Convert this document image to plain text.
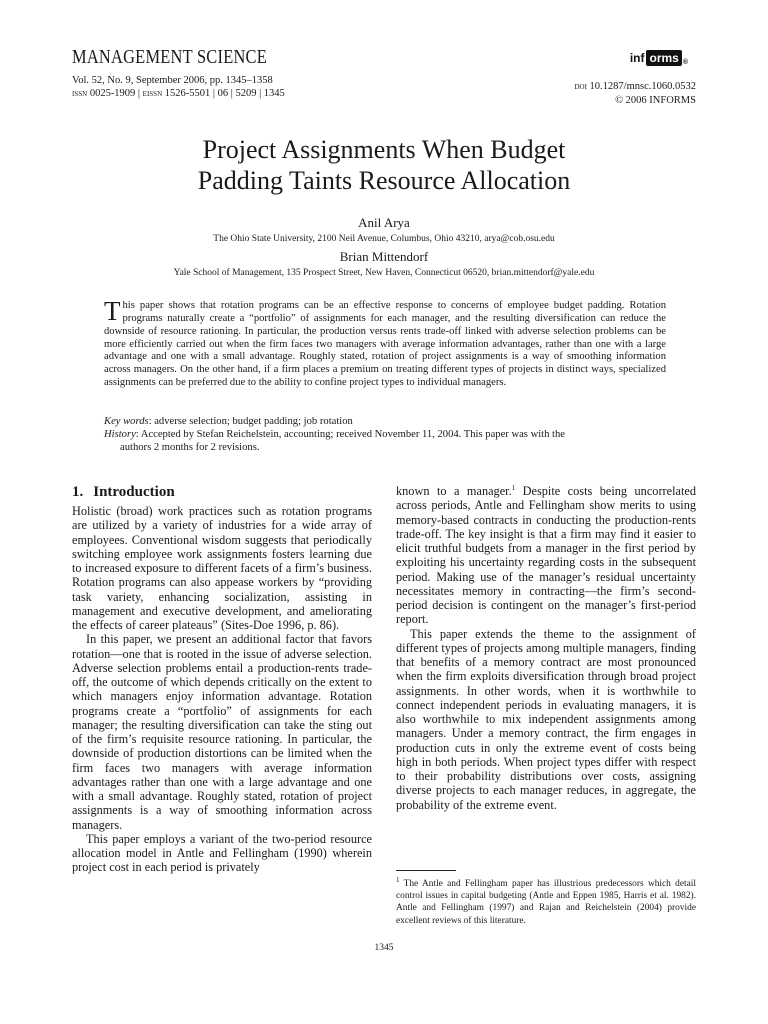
MANAGEMENT SCIENCE	inf orms ®
Vol. 52, No. 9, September 2006, pp. 1345–1358
issn 0025-1909 | eissn 1526-5501 | 06 | 5209 | 1345
doi 10.1287/mnsc.1060.0532
© 2006 INFORMS
Project Assignments When Budget
Padding Taints Resource Allocation
Anil Arya
The Ohio State University, 2100 Neil Avenue, Columbus, Ohio 43210, arya@cob.osu.edu
Brian Mittendorf
Yale School of Management, 135 Prospect Street, New Haven, Connecticut 06520, brian.mittendorf@yale.edu
This paper shows that rotation programs can be an effective response to concerns of employee budget padding. Rotation programs naturally create a “portfolio” of assignments for each manager, and the resulting diversification can reduce the downside of resource rationing. In particular, the production versus rents trade-off linked with adverse selection problems can be more efficiently carried out when the firm faces two managers with average information advantages, rather than one with a large advantage and one with a small advantage. Roughly stated, rotation of project assignments is a way of smoothing information across managers. On the other hand, if a firm places a premium on treating different types of projects in distinct ways, specialized assignments can be preferred due to the ability to confine project types to individual managers.
Key words: adverse selection; budget padding; job rotation
History: Accepted by Stefan Reichelstein, accounting; received November 11, 2004. This paper was with the
authors 2 months for 2 revisions.
1. Introduction

Holistic (broad) work practices such as rotation programs are utilized by a variety of industries for a wide array of employees. Conventional wisdom suggests that periodically switching employee work assignments fosters learning due to increased exposure to different facets of a firm’s business. Rotation programs can also appease workers by “providing task variety, enhancing socialization, assisting in management and executive development, and ameliorating the effects of career plateaus” (Sites-Doe 1996, p. 86).

In this paper, we present an additional factor that favors rotation—one that is rooted in the issue of adverse selection. Adverse selection problems entail a production-rents trade-off, the outcome of which depends critically on the extent to which managers enjoy information advantage. Rotation programs create a “portfolio” of assignments for each manager; the resulting diversification can take the sting out of the firm’s requisite resource rationing. In particular, the downside of production distortions can be limited when the firm faces two managers with average information advantages rather than one with a large advantage and one with a small advantage. Roughly stated, rotation of project assignments is a way of smoothing information across managers.

This paper employs a variant of the two-period resource allocation model in Antle and Fellingham (1990) wherein project cost in each period is privately

known to a manager.$^1$ Despite costs being uncorrelated across periods, Antle and Fellingham show merits to using memory-based contracts in conducting the production-rents trade-off. The key insight is that a firm may find it easier to elicit truthful budgets from a manager in the first period by exploiting his uncertainty regarding costs in the subsequent period. Making use of the manager’s residual uncertainty necessitates memory in contracting—the firm’s second-period decision is contingent on the manager’s first-period report.

This paper extends the theme to the assignment of different types of projects among multiple managers, finding that benefits of a memory contract are most pronounced when the firm exploits diversification through broad project assignments. In other words, when it is worthwhile to connect independent periods in evaluating managers, it is also worthwhile to mix independent assignments among managers. Under a memory contract, the firm engages in production cuts in only the extreme event of costs being high in both periods. When project types differ with respect to their probability distributions over costs, assigning diverse projects to each manager reduces, in aggregate, the probability of the extreme event.

$^1$ The Antle and Fellingham paper has illustrious predecessors which detail control issues in capital budgeting (Antle and Eppen 1985, Harris et al. 1982). Antle and Fellingham (1997) and Rajan and Reichelstein (2004) provide excellent reviews of this literature.
1345
